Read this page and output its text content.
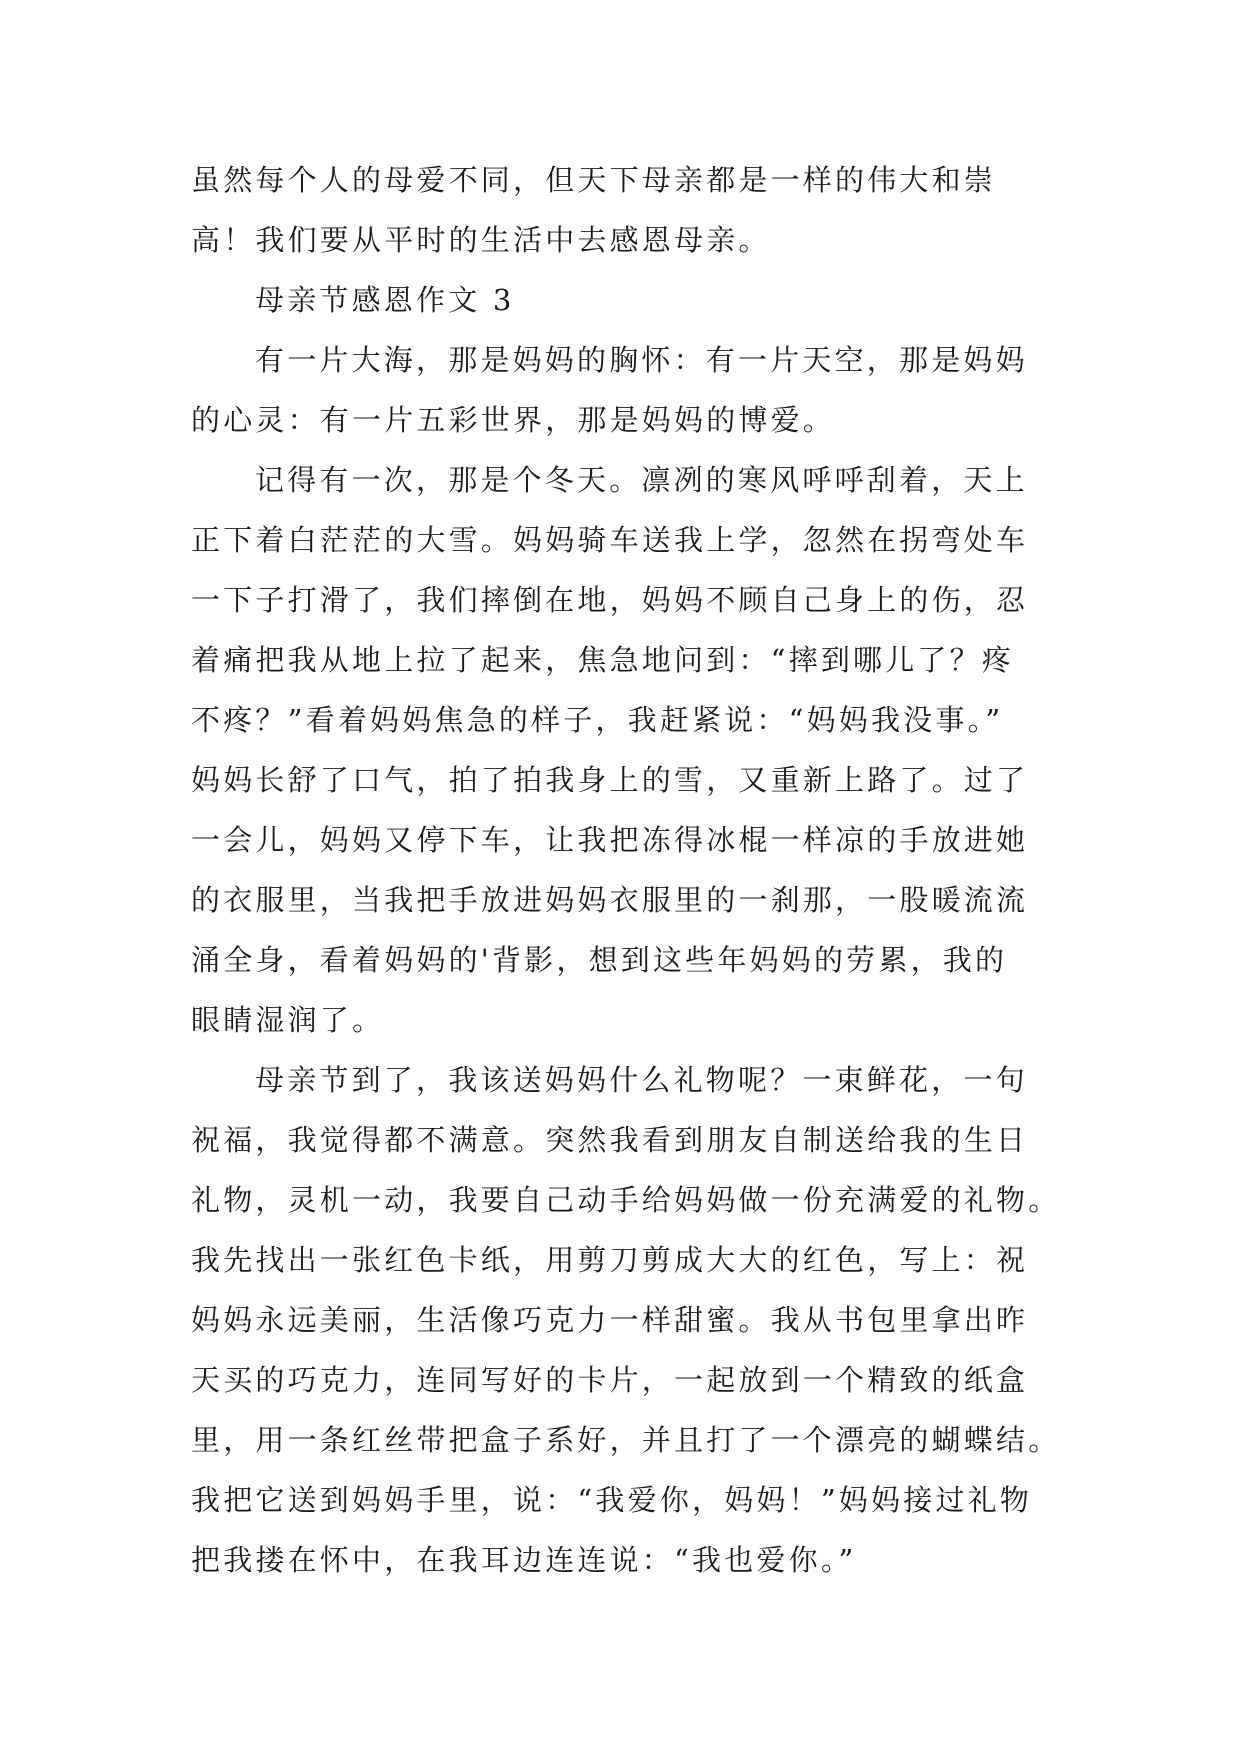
虽然每个人的母爱不同，但天下母亲都是一样的伟大和崇
高！我们要从平时的生活中去感恩母亲。
母亲节感恩作文 3
有一片大海，那是妈妈的胸怀：有一片天空，那是妈妈
的心灵：有一片五彩世界，那是妈妈的博爱。
记得有一次，那是个冬天。凛冽的寒风呼呼刮着，天上
正下着白茫茫的大雪。妈妈骑车送我上学，忽然在拐弯处车
一下子打滑了，我们摔倒在地，妈妈不顾自己身上的伤，忍
着痛把我从地上拉了起来，焦急地问到：“摔到哪儿了？疼
不疼？”看着妈妈焦急的样子，我赶紧说：“妈妈我没事。”
妈妈长舒了口气，拍了拍我身上的雪，又重新上路了。过了
一会儿，妈妈又停下车，让我把冻得冰棍一样凉的手放进她
的衣服里，当我把手放进妈妈衣服里的一刹那，一股暖流流
涌全身，看着妈妈的'背影，想到这些年妈妈的劳累，我的
眼睛湿润了。
母亲节到了，我该送妈妈什么礼物呢？一束鲜花，一句
祝福，我觉得都不满意。突然我看到朋友自制送给我的生日
礼物，灵机一动，我要自己动手给妈妈做一份充满爱的礼物。
我先找出一张红色卡纸，用剪刀剪成大大的红色，写上：祝
妈妈永远美丽，生活像巧克力一样甜蜜。我从书包里拿出昨
天买的巧克力，连同写好的卡片，一起放到一个精致的纸盒
里，用一条红丝带把盒子系好，并且打了一个漂亮的蝴蝶结。
我把它送到妈妈手里，说：“我爱你，妈妈！”妈妈接过礼物
把我搂在怀中，在我耳边连连说：“我也爱你。”
